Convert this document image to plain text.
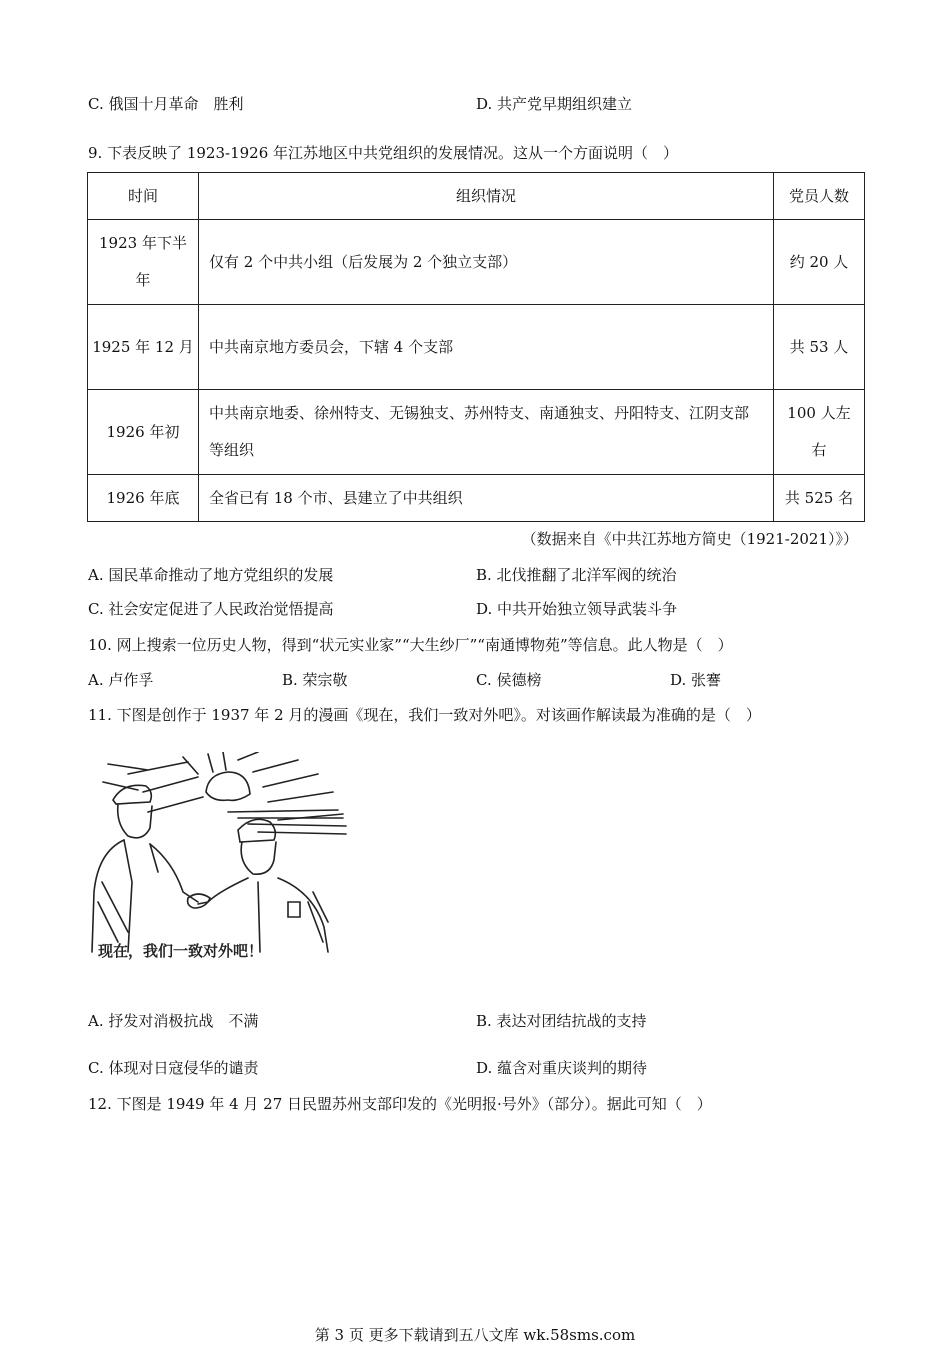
C. 俄国十月革命　胜利	D. 共产党早期组织建立
9. 下表反映了 1923-1926 年江苏地区中共党组织的发展情况。这从一个方面说明（　）
时间	组织情况	党员人数
1923 年下半年	仅有 2 个中共小组（后发展为 2 个独立支部）	约 20 人
1925 年 12 月	中共南京地方委员会，下辖 4 个支部	共 53 人
1926 年初	中共南京地委、徐州特支、无锡独支、苏州特支、南通独支、丹阳特支、江阴支部等组织	100 人左右
1926 年底	全省已有 18 个市、县建立了中共组织	共 525 名
（数据来自《中共江苏地方简史（1921-2021）》）
A. 国民革命推动了地方党组织的发展	B. 北伐推翻了北洋军阀的统治
C. 社会安定促进了人民政治觉悟提高	D. 中共开始独立领导武装斗争
10. 网上搜索一位历史人物，得到“状元实业家”“大生纱厂”“南通博物苑”等信息。此人物是（　）
A. 卢作孚	B. 荣宗敬	C. 侯德榜	D. 张謇
11. 下图是创作于 1937 年 2 月的漫画《现在，我们一致对外吧》。对该画作解读最为准确的是（　）
现在，我们一致对外吧！
A. 抒发对消极抗战　不满	B. 表达对团结抗战的支持
C. 体现对日寇侵华的谴责	D. 蕴含对重庆谈判的期待
12. 下图是 1949 年 4 月 27 日民盟苏州支部印发的《光明报·号外》（部分）。据此可知（　）
第 3 页 更多下载请到五八文库 wk.58sms.com
